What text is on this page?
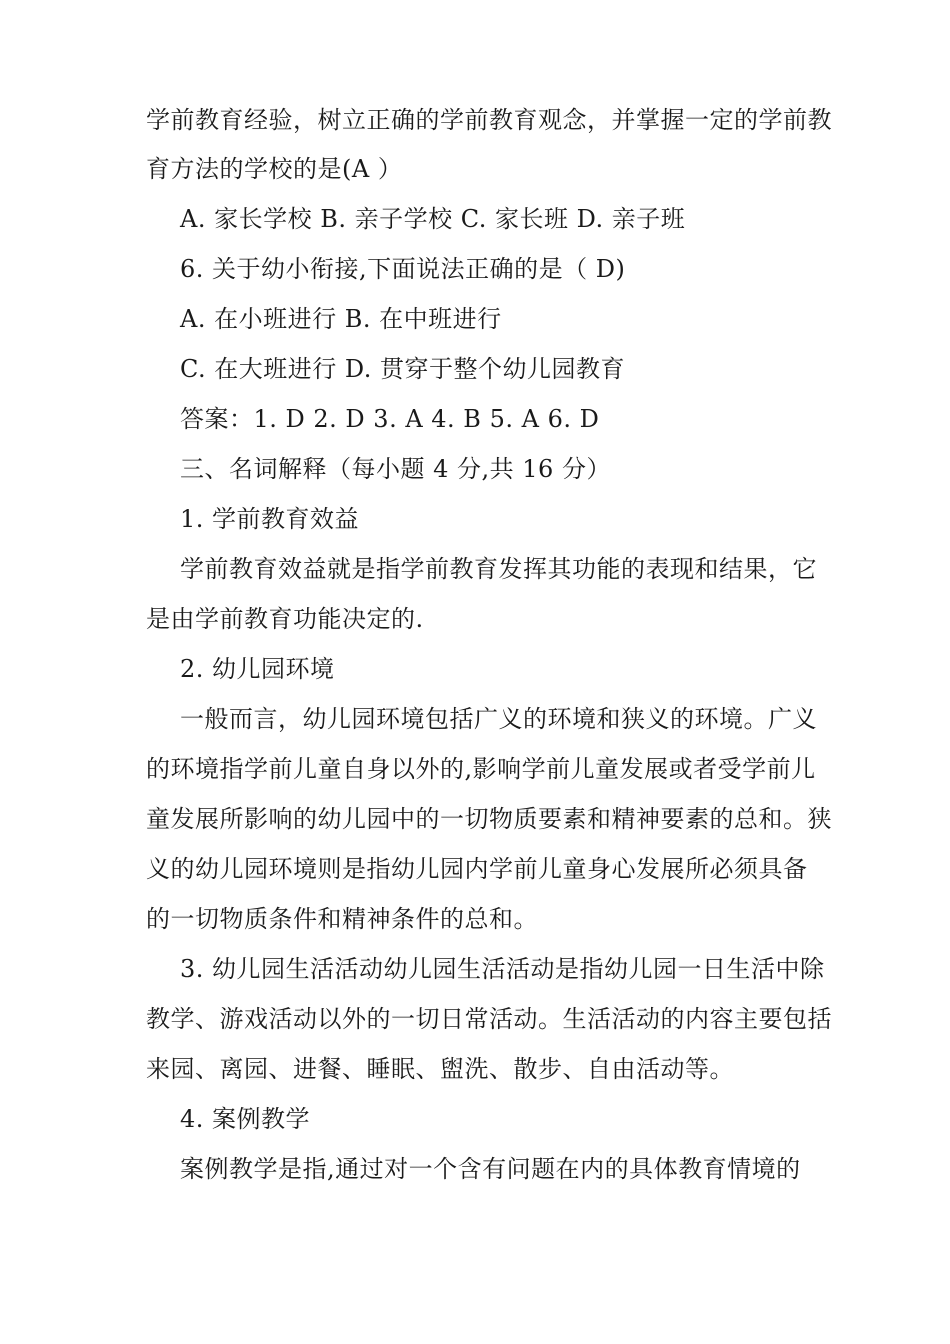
学前教育经验，树立正确的学前教育观念，并掌握一定的学前教
育方法的学校的是(A ）
A. 家长学校 B. 亲子学校 C. 家长班 D. 亲子班
6. 关于幼小衔接,下面说法正确的是（ D)
A. 在小班进行 B. 在中班进行
C. 在大班进行 D. 贯穿于整个幼儿园教育
答案：1. D 2. D 3. A 4. B 5. A 6. D
三、名词解释（每小题 4 分,共 16 分）
1. 学前教育效益
学前教育效益就是指学前教育发挥其功能的表现和结果，它
是由学前教育功能决定的.
2. 幼儿园环境
一般而言，幼儿园环境包括广义的环境和狭义的环境。广义
的环境指学前儿童自身以外的,影响学前儿童发展或者受学前儿
童发展所影响的幼儿园中的一切物质要素和精神要素的总和。狭
义的幼儿园环境则是指幼儿园内学前儿童身心发展所必须具备
的一切物质条件和精神条件的总和。
3. 幼儿园生活活动幼儿园生活活动是指幼儿园一日生活中除
教学、游戏活动以外的一切日常活动。生活活动的内容主要包括
来园、离园、进餐、睡眠、盥洗、散步、自由活动等。
4. 案例教学
案例教学是指,通过对一个含有问题在内的具体教育情境的
